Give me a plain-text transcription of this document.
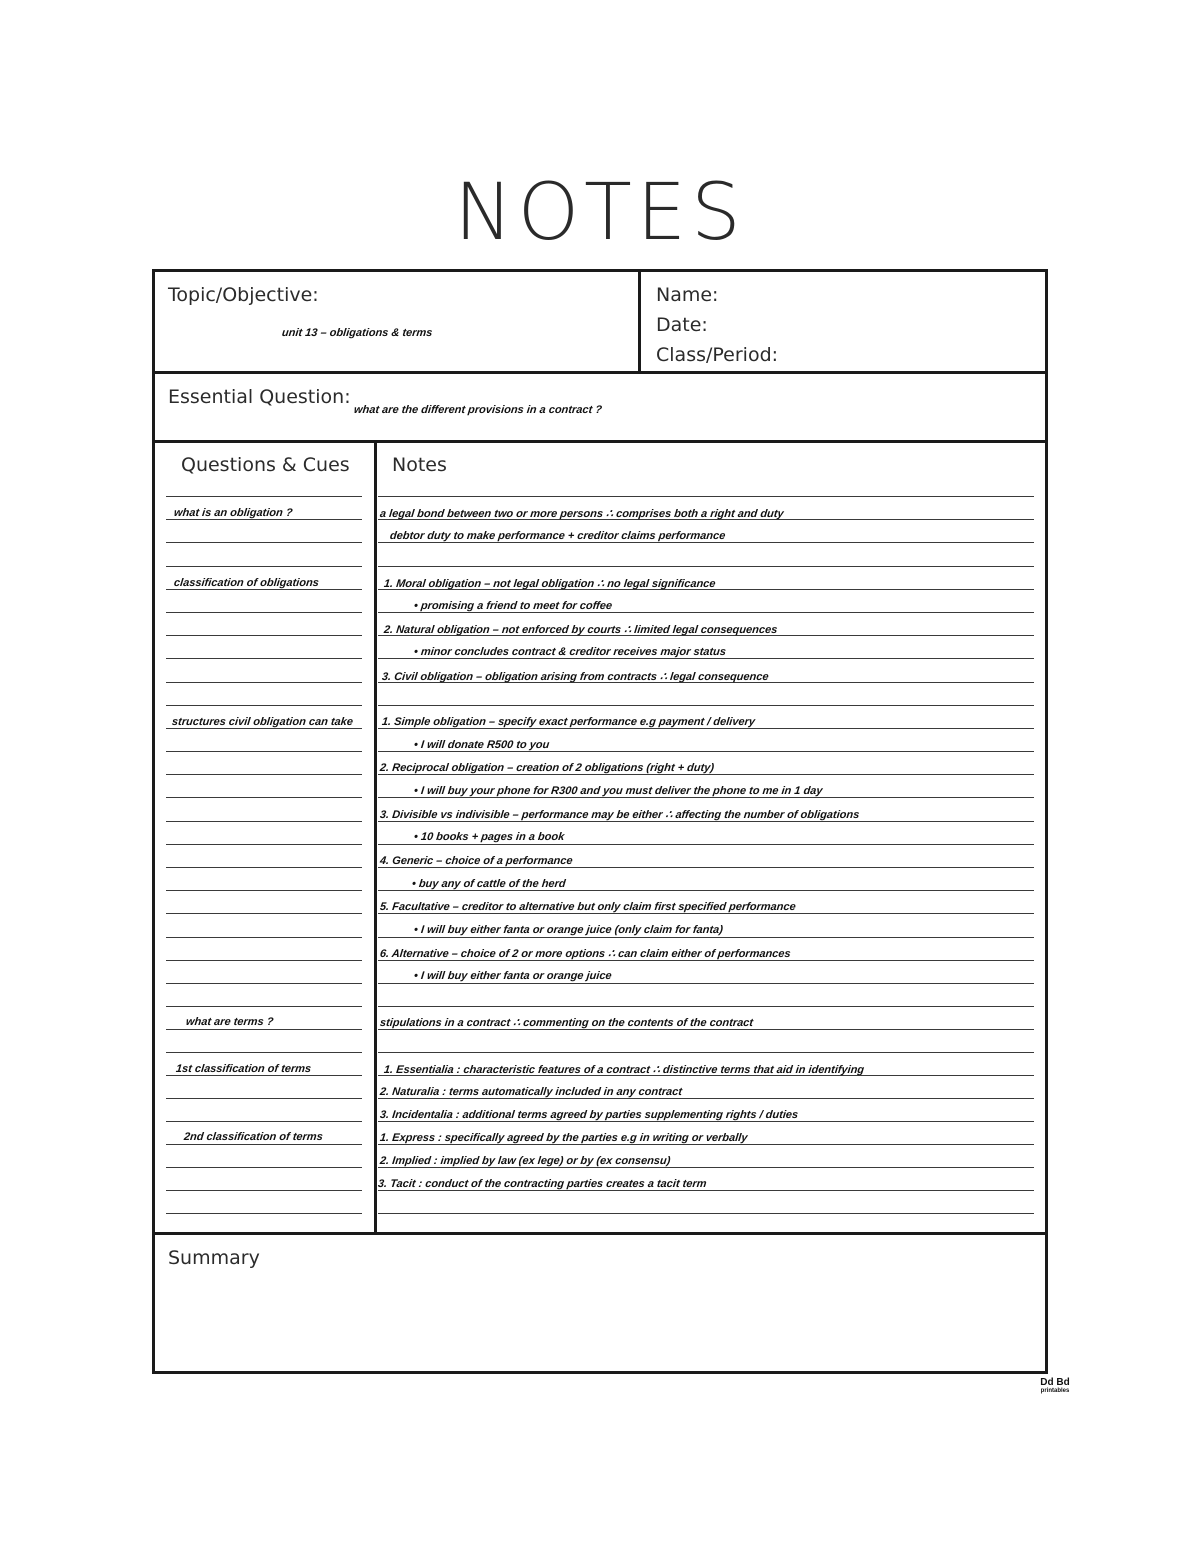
NOTES
Topic/Objective:
unit 13 – obligations & terms
Name:
Date:
Class/Period:
Essential Question:
what are the different provisions in a contract ?
Questions & Cues Notes
what is an obligation ?
classification of obligations
structures civil obligation can take
what are terms ?
1st classification of terms
2nd classification of terms
a legal bond between two or more persons ∴ comprises both a right and duty
debtor duty to make performance + creditor claims performance
1. Moral obligation – not legal obligation ∴ no legal significance
• promising a friend to meet for coffee
2. Natural obligation – not enforced by courts ∴ limited legal consequences
• minor concludes contract & creditor receives major status
3. Civil obligation – obligation arising from contracts ∴ legal consequence
1. Simple obligation – specify exact performance e.g payment / delivery
• I will donate R500 to you
2. Reciprocal obligation – creation of 2 obligations (right + duty)
• I will buy your phone for R300 and you must deliver the phone to me in 1 day
3. Divisible vs indivisible – performance may be either ∴ affecting the number of obligations
• 10 books + pages in a book
4. Generic – choice of a performance
• buy any of cattle of the herd
5. Facultative – creditor to alternative but only claim first specified performance
• I will buy either fanta or orange juice (only claim for fanta)
6. Alternative – choice of 2 or more options ∴ can claim either of performances
• I will buy either fanta or orange juice
stipulations in a contract ∴ commenting on the contents of the contract
1. Essentialia : characteristic features of a contract ∴ distinctive terms that aid in identifying
2. Naturalia : terms automatically included in any contract
3. Incidentalia : additional terms agreed by parties supplementing rights / duties
1. Express : specifically agreed by the parties e.g in writing or verbally
2. Implied : implied by law (ex lege) or by (ex consensu)
3. Tacit : conduct of the contracting parties creates a tacit term
Summary
Dd Bd
printables
